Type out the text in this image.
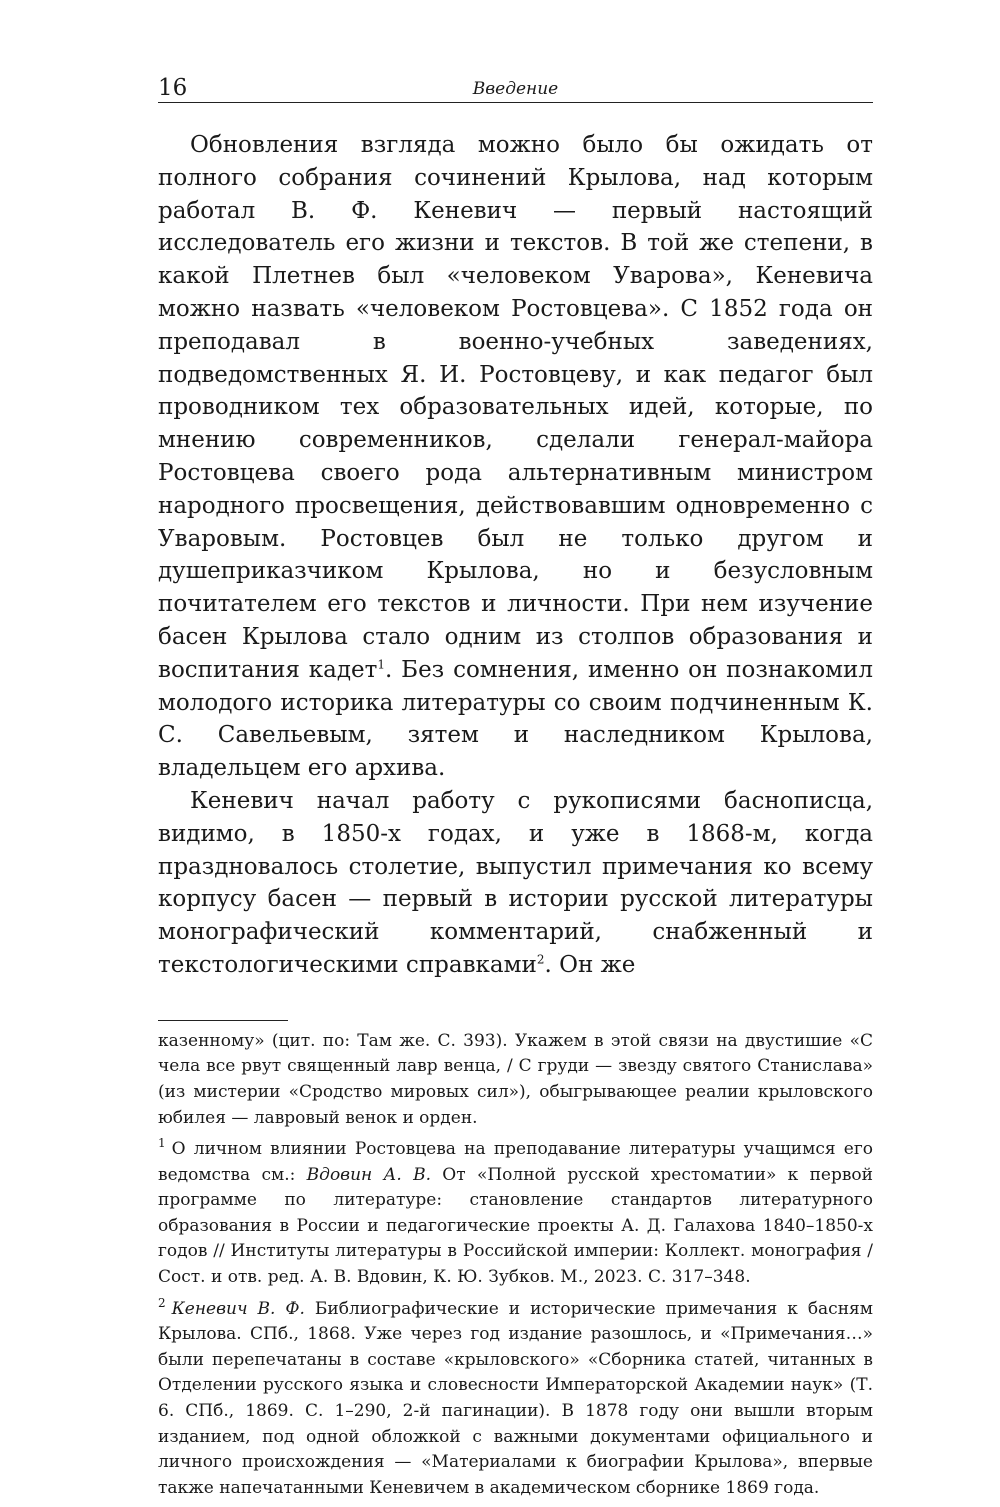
16	Введение

Обновления взгляда можно было бы ожидать от полного собрания сочинений Крылова, над которым работал В. Ф. Кеневич — первый настоящий исследователь его жизни и текстов. В той же степени, в какой Плетнев был «человеком Уварова», Кеневича можно назвать «человеком Ростовцева». С 1852 года он преподавал в военно-учебных заведениях, подведомственных Я. И. Ростовцеву, и как педагог был проводником тех образовательных идей, которые, по мнению современников, сделали генерал-майора Ростовцева своего рода альтернативным министром народного просвещения, действовавшим одновременно с Уваровым. Ростовцев был не только другом и душеприказчиком Крылова, но и безусловным почитателем его текстов и личности. При нем изучение басен Крылова стало одним из столпов образования и воспитания кадет$^1$. Без сомнения, именно он познакомил молодого историка литературы со своим подчиненным К. С. Савельевым, зятем и наследником Крылова, владельцем его архива.

Кеневич начал работу с рукописями баснописца, видимо, в 1850-х годах, и уже в 1868-м, когда праздновалось столетие, выпустил примечания ко всему корпусу басен — первый в истории русской литературы монографический комментарий, снабженный и текстологическими справками$^2$. Он же

казенному» (цит. по: Там же. С. 393). Укажем в этой связи на двустишие «С чела все рвут священный лавр венца, / С груди — звезду святого Станислава» (из мистерии «Сродство мировых сил»), обыгрывающее реалии крыловского юбилея — лавровый венок и орден.

$^1$ О личном влиянии Ростовцева на преподавание литературы учащимся его ведомства см.: Вдовин А. В. От «Полной русской хрестоматии» к первой программе по литературе: становление стандартов литературного образования в России и педагогические проекты А. Д. Галахова 1840–1850-х годов // Институты литературы в Российской империи: Коллект. монография / Сост. и отв. ред. А. В. Вдовин, К. Ю. Зубков. М., 2023. С. 317–348.

$^2$ Кеневич В. Ф. Библиографические и исторические примечания к басням Крылова. СПб., 1868. Уже через год издание разошлось, и «Примечания…» были перепечатаны в составе «крыловского» «Сборника статей, читанных в Отделении русского языка и словесности Императорской Академии наук» (Т. 6. СПб., 1869. С. 1–290, 2-й пагинации). В 1878 году они вышли вторым изданием, под одной обложкой с важными документами официального и личного происхождения — «Материалами к биографии Крылова», впервые также напечатанными Кеневичем в академическом сборнике 1869 года.
